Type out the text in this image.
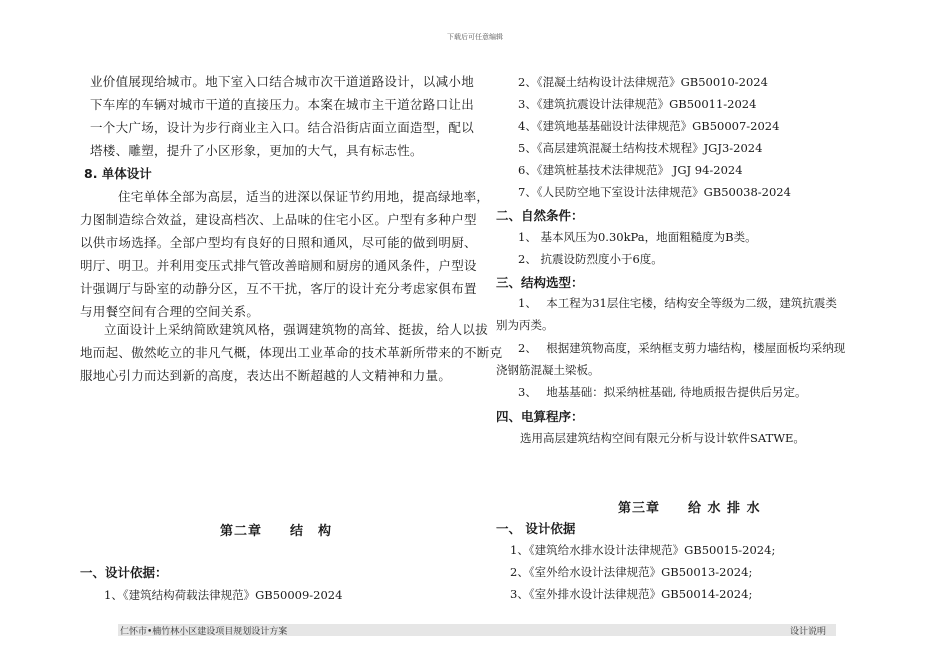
下载后可任意编辑
业价值展现给城市。地下室入口结合城市次干道道路设计，以减小地
下车库的车辆对城市干道的直接压力。本案在城市主干道岔路口让出
一个大广场，设计为步行商业主入口。结合沿街店面立面造型，配以
塔楼、雕塑，提升了小区形象，更加的大气，具有标志性。
8. 单体设计
住宅单体全部为高层，适当的进深以保证节约用地，提高绿地率，
力图制造综合效益，建设高档次、上品味的住宅小区。户型有多种户型
以供市场选择。全部户型均有良好的日照和通风，尽可能的做到明厨、
明厅、明卫。并利用变压式排气管改善暗厕和厨房的通风条件，户型设
计强调厅与卧室的动静分区，互不干扰，客厅的设计充分考虑家俱布置
与用餐空间有合理的空间关系。
立面设计上采纳简欧建筑风格，强调建筑物的高耸、挺拔，给人以拔
地而起、傲然屹立的非凡气概，体现出工业革命的技术革新所带来的不断克
服地心引力而达到新的高度，表达出不断超越的人文精神和力量。
第二章　　结　构
一、设计依据：
1、《建筑结构荷载法律规范》GB50009-2024
2、《混凝土结构设计法律规范》GB50010-2024
3、《建筑抗震设计法律规范》GB50011-2024
4、《建筑地基基础设计法律规范》GB50007-2024
5、《高层建筑混凝土结构技术规程》JGJ3-2024
6、《建筑桩基技术法律规范》 JGJ 94-2024
7、《人民防空地下室设计法律规范》GB50038-2024
二、自然条件：
1、 基本风压为0.30kPa，地面粗糙度为B类。
2、 抗震设防烈度小于6度。
三、结构选型：
1、　 本工程为31层住宅楼，结构安全等级为二级，建筑抗震类
别为丙类。
2、　 根据建筑物高度，采纳框支剪力墙结构，楼屋面板均采纳现
浇钢筋混凝土梁板。
3、　 地基基础：拟采纳桩基础, 待地质报告提供后另定。
四、电算程序：
选用高层建筑结构空间有限元分析与设计软件SATWE。
第三章　　给 水 排 水
一、 设计依据
1、《建筑给水排水设计法律规范》GB50015-2024;
2、《室外给水设计法律规范》GB50013-2024;
3、《室外排水设计法律规范》GB50014-2024;
仁怀市•楠竹林小区建设项目规划设计方案	设计说明
